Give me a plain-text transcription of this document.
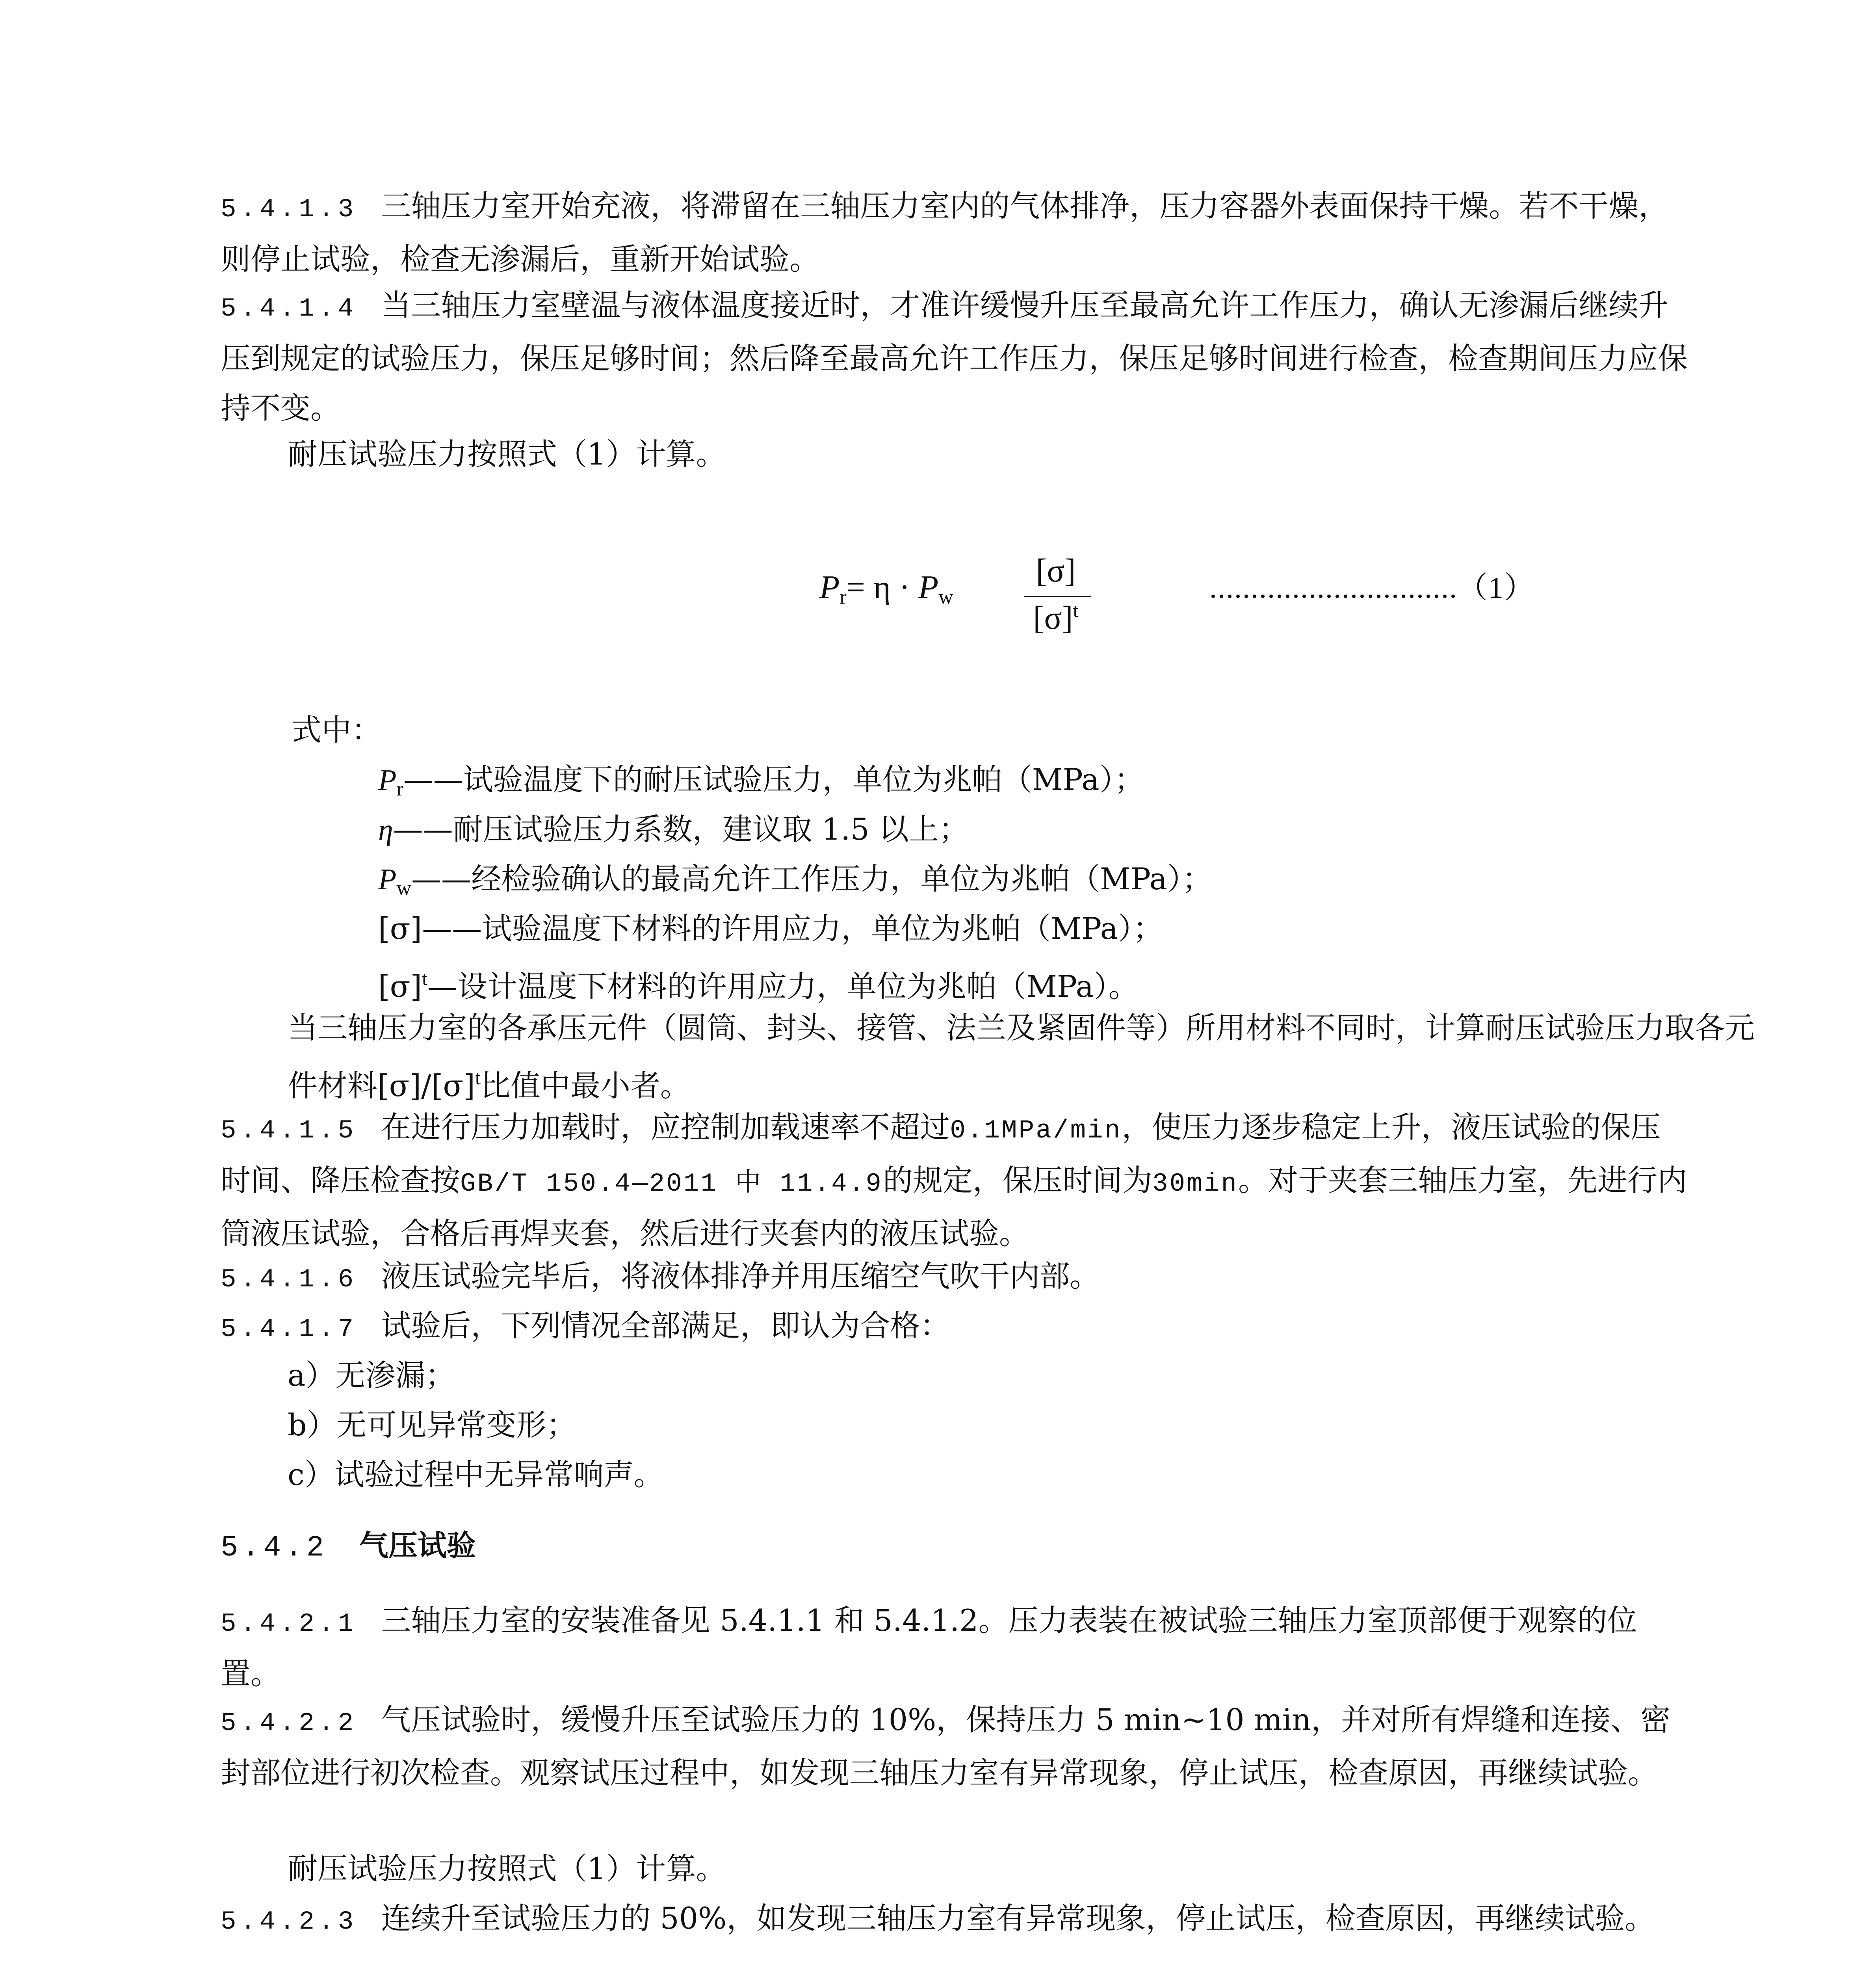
5.4.1.3 三轴压力室开始充液，将滞留在三轴压力室内的气体排净，压力容器外表面保持干燥。若不干燥，则停止试验，检查无渗漏后，重新开始试验。
5.4.1.4 当三轴压力室壁温与液体温度接近时，才准许缓慢升压至最高允许工作压力，确认无渗漏后继续升压到规定的试验压力，保压足够时间；然后降至最高允许工作压力，保压足够时间进行检查，检查期间压力应保持不变。
耐压试验压力按照式（1）计算。
$P_r= \eta \cdot P_w$
[σ]
$[\sigma]^t$
..............................（1）
式中：
$P_r——$试验温度下的耐压试验压力，单位为兆帕（MPa）；
η——耐压试验压力系数，建议取 1.5 以上；
$P_w——$经检验确认的最高允许工作压力，单位为兆帕（MPa）；
[σ]——试验温度下材料的许用应力，单位为兆帕（MPa）；
$[\sigma]^t—$设计温度下材料的许用应力，单位为兆帕（MPa）。
当三轴压力室的各承压元件（圆筒、封头、接管、法兰及紧固件等）所用材料不同时，计算耐压试验压力取各元件材料$[\sigma]/[\sigma]^t$比值中最小者。
5.4.1.5 在进行压力加载时，应控制加载速率不超过0.1MPa/min，使压力逐步稳定上升，液压试验的保压时间、降压检查按GB/T 150.4—2011 中 11.4.9的规定，保压时间为30min。对于夹套三轴压力室，先进行内筒液压试验，合格后再焊夹套，然后进行夹套内的液压试验。
5.4.1.6 液压试验完毕后，将液体排净并用压缩空气吹干内部。
5.4.1.7 试验后，下列情况全部满足，即认为合格：
a）无渗漏；
b）无可见异常变形；
c）试验过程中无异常响声。
5.4.2 气压试验
5.4.2.1 三轴压力室的安装准备见 5.4.1.1 和 5.4.1.2。压力表装在被试验三轴压力室顶部便于观察的位置。
5.4.2.2 气压试验时，缓慢升压至试验压力的 10%，保持压力 5 min~10 min，并对所有焊缝和连接、密封部位进行初次检查。观察试压过程中，如发现三轴压力室有异常现象，停止试压，检查原因，再继续试验。
耐压试验压力按照式（1）计算。
5.4.2.3 连续升至试验压力的 50%，如发现三轴压力室有异常现象，停止试压，检查原因，再继续试验。
